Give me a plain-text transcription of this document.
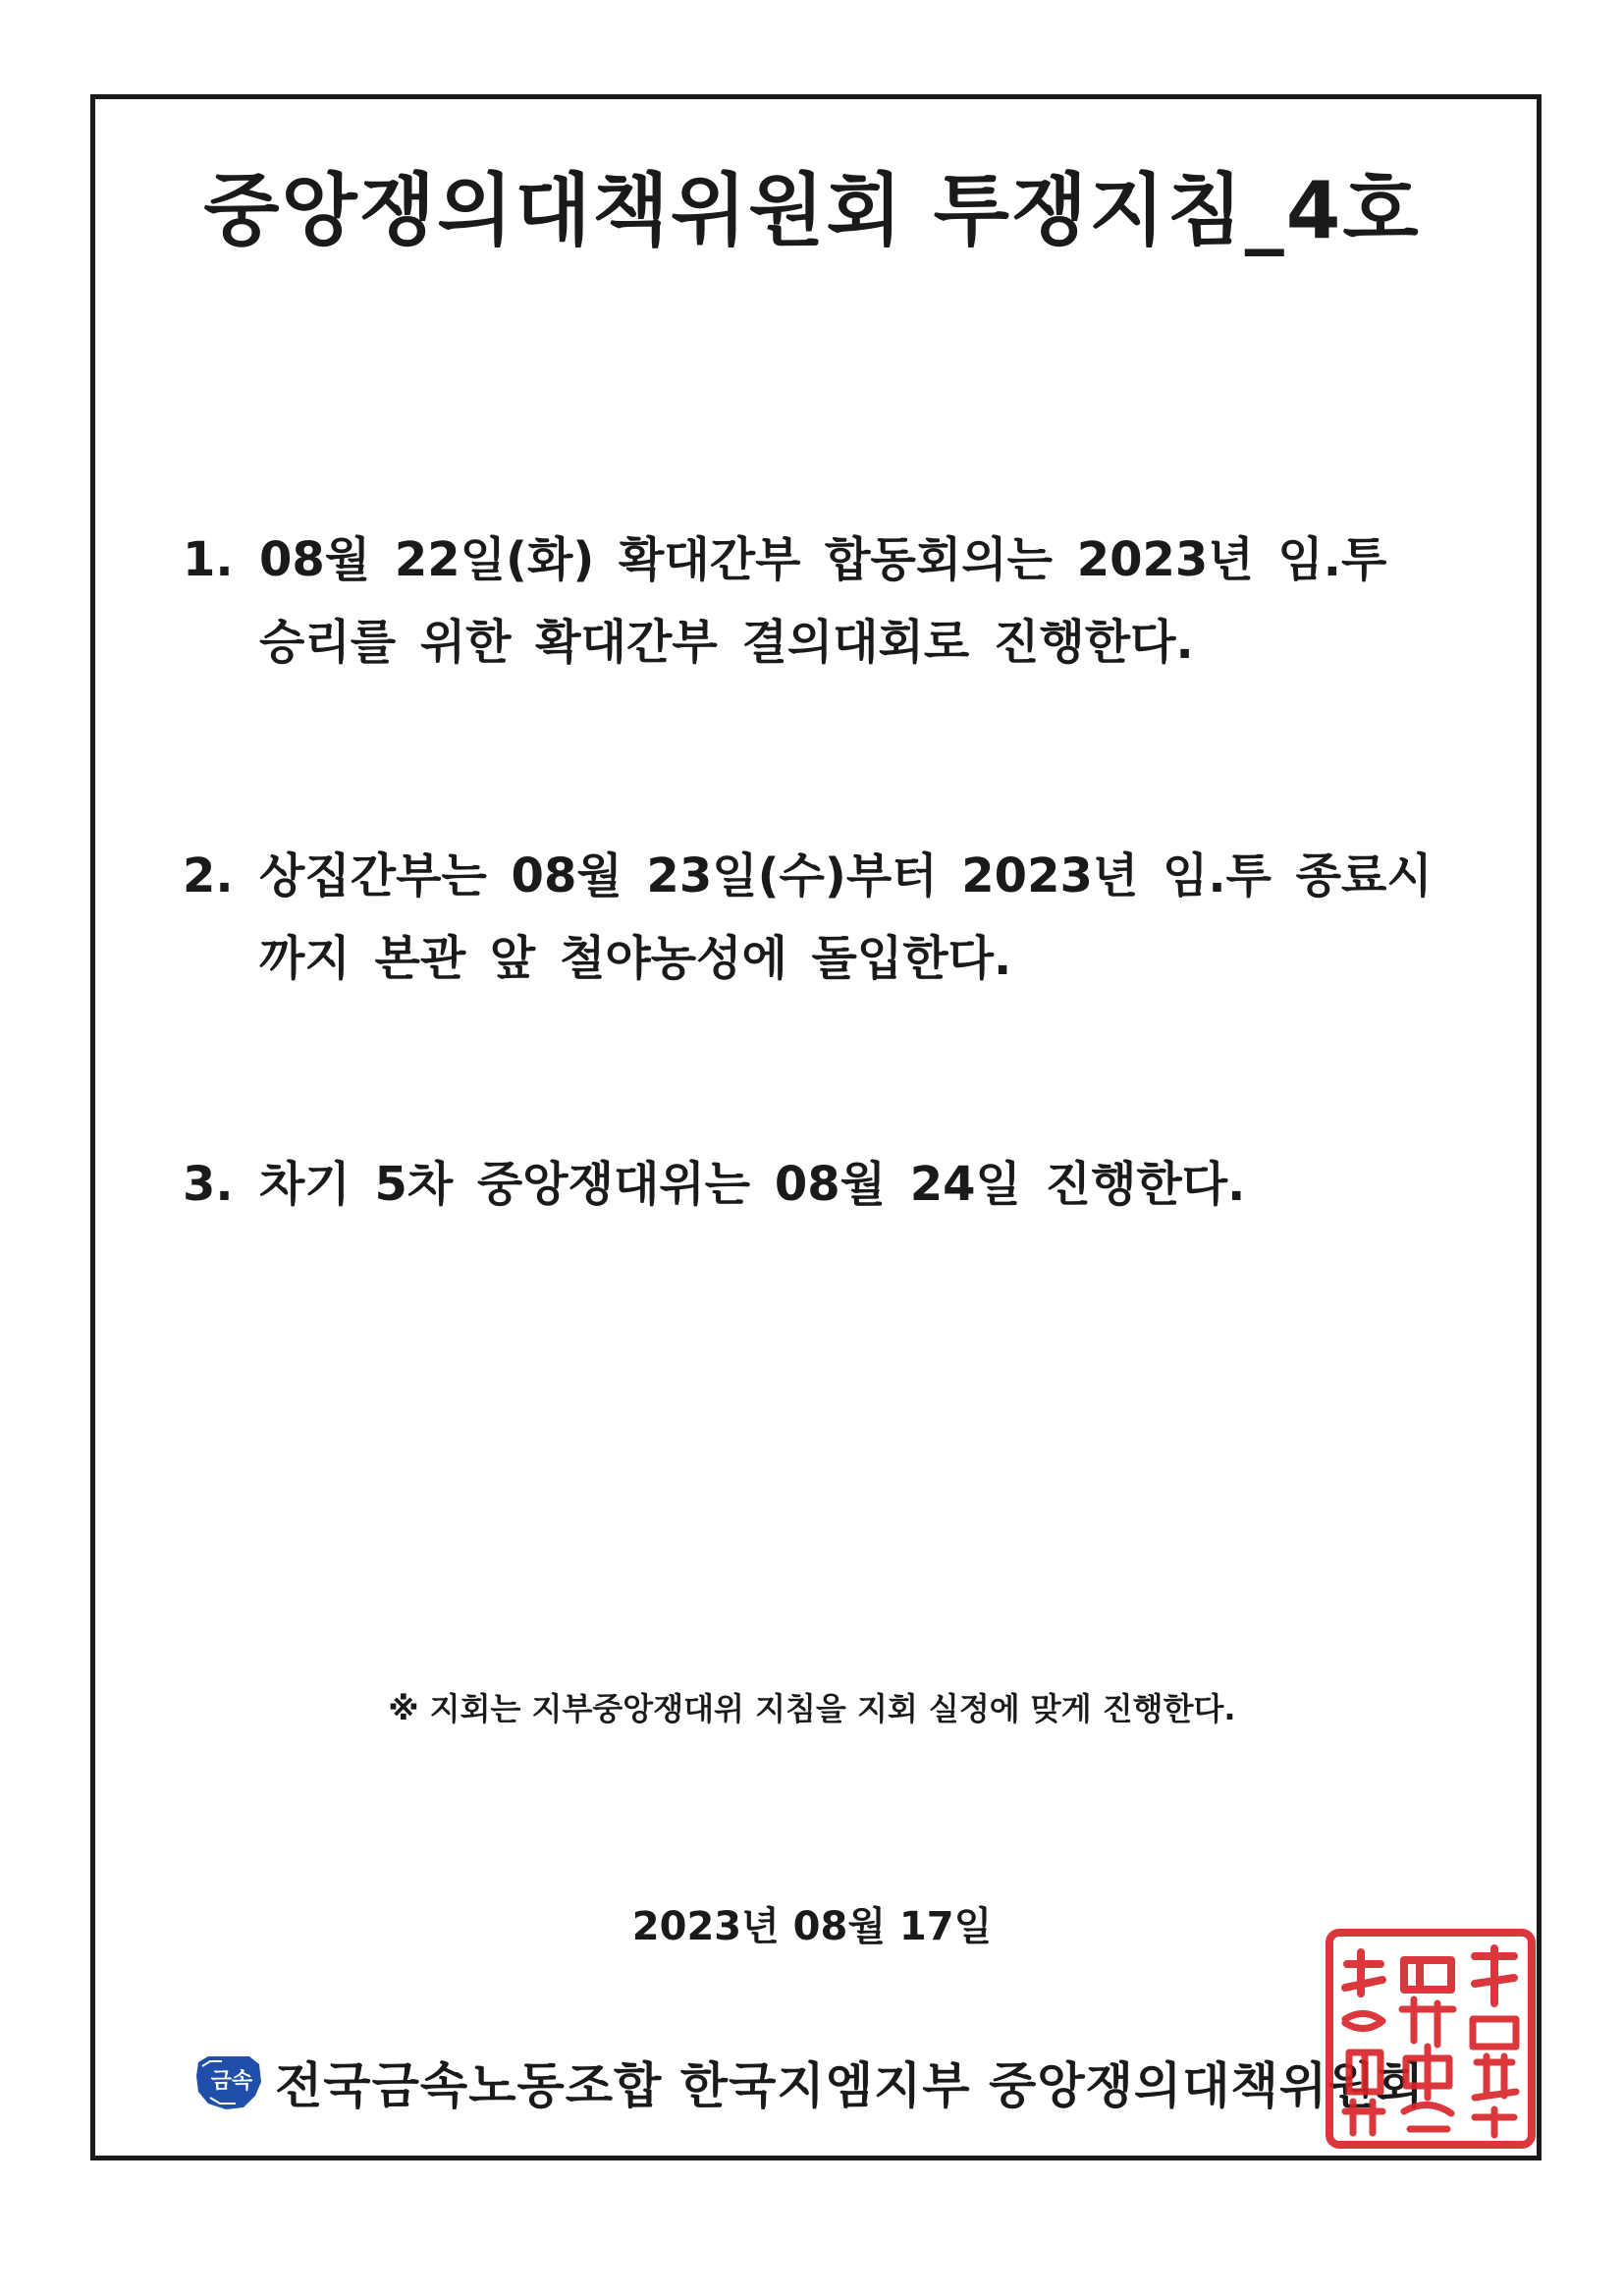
중앙쟁의대책위원회 투쟁지침_4호
1. 08월 22일(화) 확대간부 합동회의는 2023년 임.투 승리를 위한 확대간부 결의대회로 진행한다.
2. 상집간부는 08월 23일(수)부터 2023년 임.투 종료시까지 본관 앞 철야농성에 돌입한다.
3. 차기 5차 중앙쟁대위는 08월 24일 진행한다.
※ 지회는 지부중앙쟁대위 지침을 지회 실정에 맞게 진행한다.
2023년 08월 17일
금속 전국금속노동조합 한국지엠지부 중앙쟁의대책위원회
